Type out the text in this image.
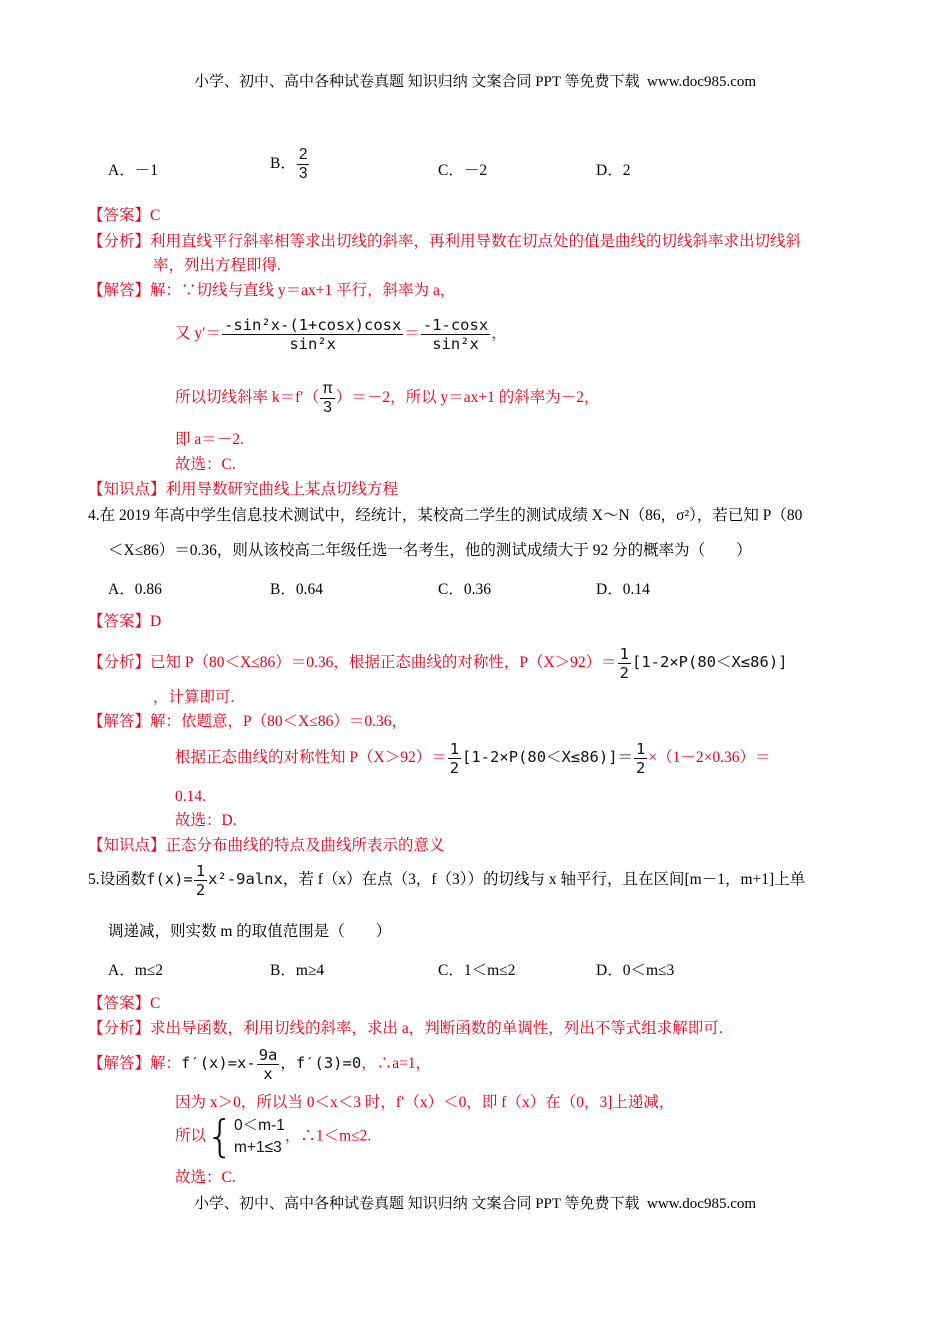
小学、初中、高中各种试卷真题 知识归纳 文案合同 PPT 等免费下载 www.doc985.com
A．－1	B． $\frac{2}{3}$	C．－2	D．2
【答案】C
【分析】利用直线平行斜率相等求出切线的斜率，再利用导数在切点处的值是曲线的切线斜率求出切线斜
率，列出方程即得.
【解答】解：∵切线与直线 y＝ax+1 平行，斜率为 a，
又 $y'= \frac{\text{-sin²x-(1+cosx)cosx}}{\text{sin²x}} = \frac{-1-\cos x}{\text{sin²x}}$ ，
所以切线斜率 $k=f'( \frac{\pi}{3} )=-2$，所以 y＝ax+1 的斜率为－2，
即 a＝－2.
故选：C.
【知识点】利用导数研究曲线上某点切线方程
4.在 2019 年高中学生信息技术测试中，经统计，某校高二学生的测试成绩 X～N（86，σ²），若已知 P（80
＜X≤86）＝0.36，则从该校高二年级任选一名考生，他的测试成绩大于 92 分的概率为（　　）
A．0.86	B．0.64	C．0.36	D．0.14
【答案】D
【分析】已知 P（80＜X≤86）＝0.36，根据正态曲线的对称性，$P(X>92)= \frac{1}{2} [1-2\times P(80<X\le 86)]$
，计算即可.
【解答】解：依题意，P（80＜X≤86）＝0.36，
根据正态曲线的对称性知 $P(X>92)= \frac{1}{2} [1-2\times P(80<X\le 86)]= \frac{1}{2} \times(1-2\times 0.36)=$
0.14.
故选：D.
【知识点】正态分布曲线的特点及曲线所表示的意义
5.设函数$f(x)= \frac{1}{2} x^2-9alnx$，若 f（x）在点（3，f（3））的切线与 x 轴平行，且在区间[m－1，m+1]上单
调递减，则实数 m 的取值范围是（　　）
A．m≤2	B．m≥4	C．1＜m≤2	D．0＜m≤3
【答案】C
【分析】求出导函数，利用切线的斜率，求出 a，判断函数的单调性，列出不等式组求解即可.
【解答】解：$f'(x)=x- \frac{9a}{x}$ ，f′(3)=0，∴a=1，
因为 x＞0，所以当 0＜x＜3 时，f′（x）＜0，即 f（x）在（0，3]上递减，
所以{ 0＜m-1
m+1≤3
，∴1＜m≤2.
故选：C.
小学、初中、高中各种试卷真题 知识归纳 文案合同 PPT 等免费下载 www.doc985.com
